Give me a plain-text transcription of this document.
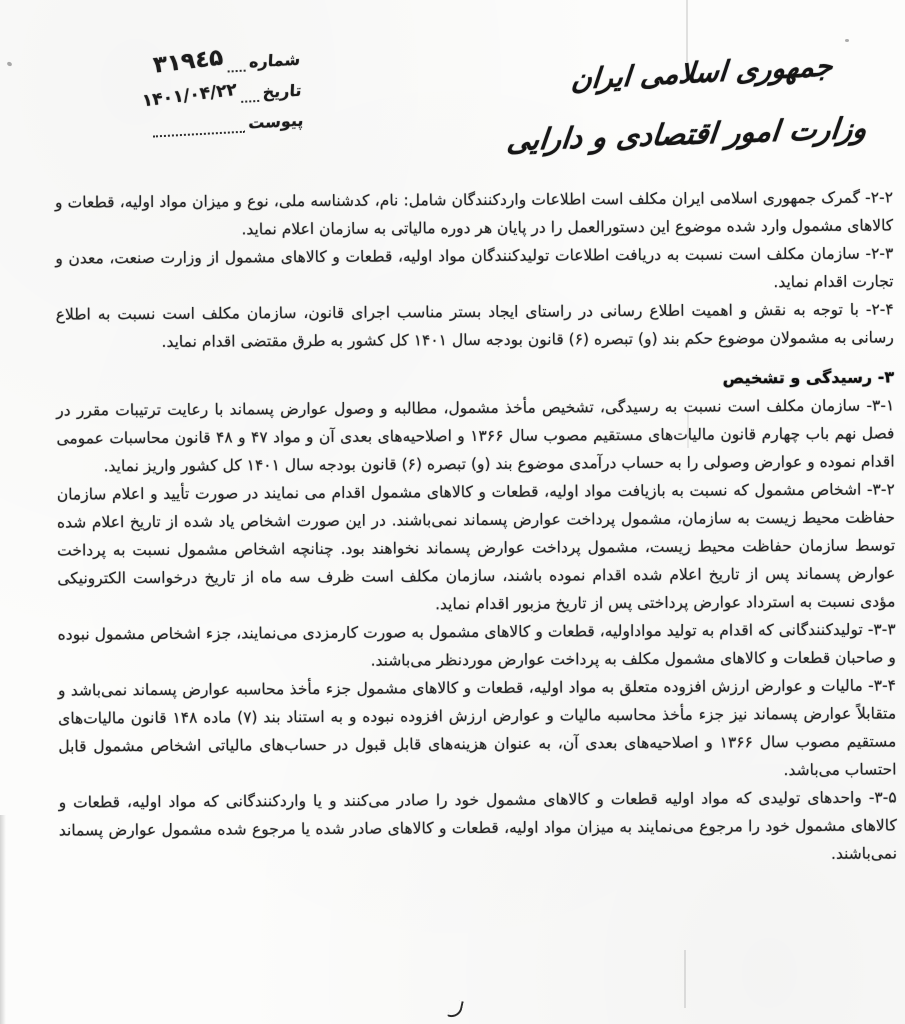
شماره
۳۱۹٤۵
تاریخ
۱۴۰۱/۰۴/۲۲
پیوست
جمهوری اسلامی ایران
وزارت امور اقتصادی و دارایی

۲-۲- گمرک جمهوری اسلامی ایران مکلف است اطلاعات واردکنندگان شامل: نام، کدشناسه ملی، نوع و میزان مواد اولیه، قطعات و کالاهای مشمول وارد شده موضوع این دستورالعمل را در پایان هر دوره مالیاتی به سازمان اعلام نماید.

۲-۳- سازمان مکلف است نسبت به دریافت اطلاعات تولیدکنندگان مواد اولیه، قطعات و کالاهای مشمول از وزارت صنعت، معدن و تجارت اقدام نماید.

۲-۴- با توجه به نقش و اهمیت اطلاع رسانی در راستای ایجاد بستر مناسب اجرای قانون، سازمان مکلف است نسبت به اطلاع رسانی به مشمولان موضوع حکم بند (و) تبصره (۶) قانون بودجه سال ۱۴۰۱ کل کشور به طرق مقتضی اقدام نماید.

۳- رسیدگی و تشخیص

۳-۱- سازمان مکلف است نسبت به رسیدگی، تشخیص مأخذ مشمول، مطالبه و وصول عوارض پسماند با رعایت ترتیبات مقرر در فصل نهم باب چهارم قانون مالیات‌های مستقیم مصوب سال ۱۳۶۶ و اصلاحیه‌های بعدی آن و مواد ۴۷ و ۴۸ قانون محاسبات عمومی اقدام نموده و عوارض وصولی را به حساب درآمدی موضوع بند (و) تبصره (۶) قانون بودجه سال ۱۴۰۱ کل کشور واریز نماید.

۳-۲- اشخاص مشمول که نسبت به بازیافت مواد اولیه، قطعات و کالاهای مشمول اقدام می نمایند در صورت تأیید و اعلام سازمان حفاظت محیط زیست به سازمان، مشمول پرداخت عوارض پسماند نمی‌باشند. در این صورت اشخاص یاد شده از تاریخ اعلام شده توسط سازمان حفاظت محیط زیست، مشمول پرداخت عوارض پسماند نخواهند بود. چنانچه اشخاص مشمول نسبت به پرداخت عوارض پسماند پس از تاریخ اعلام شده اقدام نموده باشند، سازمان مکلف است ظرف سه ماه از تاریخ درخواست الکترونیکی مؤدی نسبت به استرداد عوارض پرداختی پس از تاریخ مزبور اقدام نماید.

۳-۳- تولیدکنندگانی که اقدام به تولید مواداولیه، قطعات و کالاهای مشمول به صورت کارمزدی می‌نمایند، جزء اشخاص مشمول نبوده و صاحبان قطعات و کالاهای مشمول مکلف به پرداخت عوارض موردنظر می‌باشند.

۳-۴- مالیات و عوارض ارزش افزوده متعلق به مواد اولیه، قطعات و کالاهای مشمول جزء مأخذ محاسبه عوارض پسماند نمی‌باشد و متقابلاً عوارض پسماند نیز جزء مأخذ محاسبه مالیات و عوارض ارزش افزوده نبوده و به استناد بند (۷) ماده ۱۴۸ قانون مالیات‌های مستقیم مصوب سال ۱۳۶۶ و اصلاحیه‌های بعدی آن، به عنوان هزینه‌های قابل قبول در حساب‌های مالیاتی اشخاص مشمول قابل احتساب می‌باشد.

۳-۵- واحدهای تولیدی که مواد اولیه قطعات و کالاهای مشمول خود را صادر می‌کنند و یا واردکنندگانی که مواد اولیه، قطعات و کالاهای مشمول خود را مرجوع می‌نمایند به میزان مواد اولیه، قطعات و کالاهای صادر شده یا مرجوع شده مشمول عوارض پسماند نمی‌باشند.
